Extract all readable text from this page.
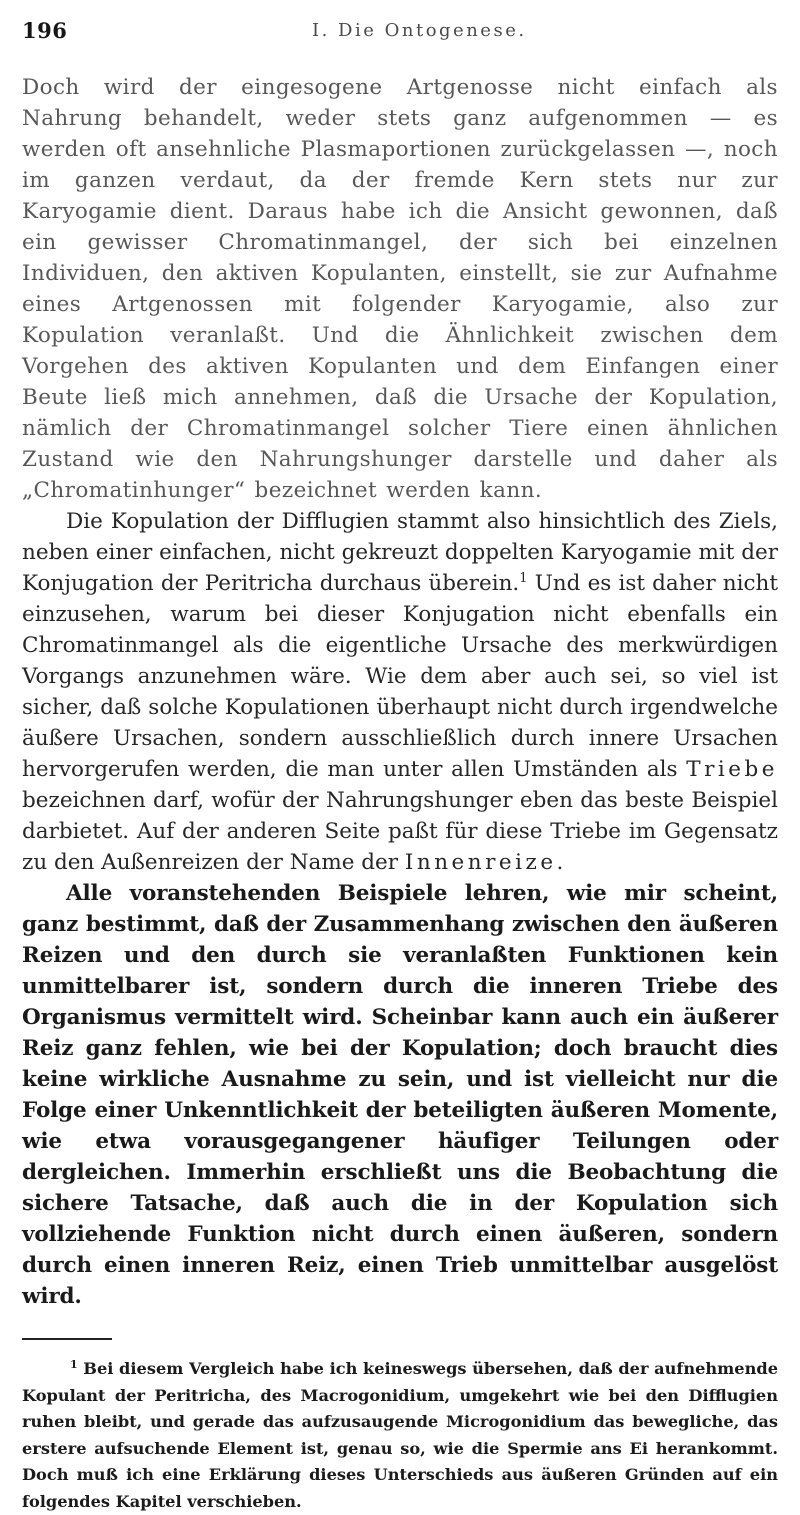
196	I. Die Ontogenese.

Doch wird der eingesogene Artgenosse nicht einfach als Nahrung behandelt, weder stets ganz aufgenommen — es werden oft ansehnliche Plasmaportionen zurückgelassen —, noch im ganzen verdaut, da der fremde Kern stets nur zur Karyogamie dient. Daraus habe ich die Ansicht gewonnen, daß ein gewisser Chromatinmangel, der sich bei einzelnen Individuen, den aktiven Kopulanten, einstellt, sie zur Aufnahme eines Artgenossen mit folgender Karyogamie, also zur Kopulation veranlaßt. Und die Ähnlichkeit zwischen dem Vorgehen des aktiven Kopulanten und dem Einfangen einer Beute ließ mich annehmen, daß die Ursache der Kopulation, nämlich der Chromatinmangel solcher Tiere einen ähnlichen Zustand wie den Nahrungshunger darstelle und daher als „Chromatinhunger“ bezeichnet werden kann.

Die Kopulation der Difflugien stammt also hinsichtlich des Ziels, neben einer einfachen, nicht gekreuzt doppelten Karyogamie mit der Konjugation der Peritricha durchaus überein.$^1$ Und es ist daher nicht einzusehen, warum bei dieser Konjugation nicht ebenfalls ein Chromatinmangel als die eigentliche Ursache des merkwürdigen Vorgangs anzunehmen wäre. Wie dem aber auch sei, so viel ist sicher, daß solche Kopulationen überhaupt nicht durch irgendwelche äußere Ursachen, sondern ausschließlich durch innere Ursachen hervorgerufen werden, die man unter allen Umständen als Triebe bezeichnen darf, wofür der Nahrungshunger eben das beste Beispiel darbietet. Auf der anderen Seite paßt für diese Triebe im Gegensatz zu den Außenreizen der Name der Innenreize.

Alle voranstehenden Beispiele lehren, wie mir scheint, ganz bestimmt, daß der Zusammenhang zwischen den äußeren Reizen und den durch sie veranlaßten Funktionen kein unmittelbarer ist, sondern durch die inneren Triebe des Organismus vermittelt wird. Scheinbar kann auch ein äußerer Reiz ganz fehlen, wie bei der Kopulation; doch braucht dies keine wirkliche Ausnahme zu sein, und ist vielleicht nur die Folge einer Unkenntlichkeit der beteiligten äußeren Momente, wie etwa vorausgegangener häufiger Teilungen oder dergleichen. Immerhin erschließt uns die Beobachtung die sichere Tatsache, daß auch die in der Kopulation sich vollziehende Funktion nicht durch einen äußeren, sondern durch einen inneren Reiz, einen Trieb unmittelbar ausgelöst wird.

$^1$ Bei diesem Vergleich habe ich keineswegs übersehen, daß der aufnehmende Kopulant der Peritricha, des Macrogonidium, umgekehrt wie bei den Difflugien ruhen bleibt, und gerade das aufzusaugende Microgonidium das bewegliche, das erstere aufsuchende Element ist, genau so, wie die Spermie ans Ei herankommt. Doch muß ich eine Erklärung dieses Unterschieds aus äußeren Gründen auf ein folgendes Kapitel verschieben.
